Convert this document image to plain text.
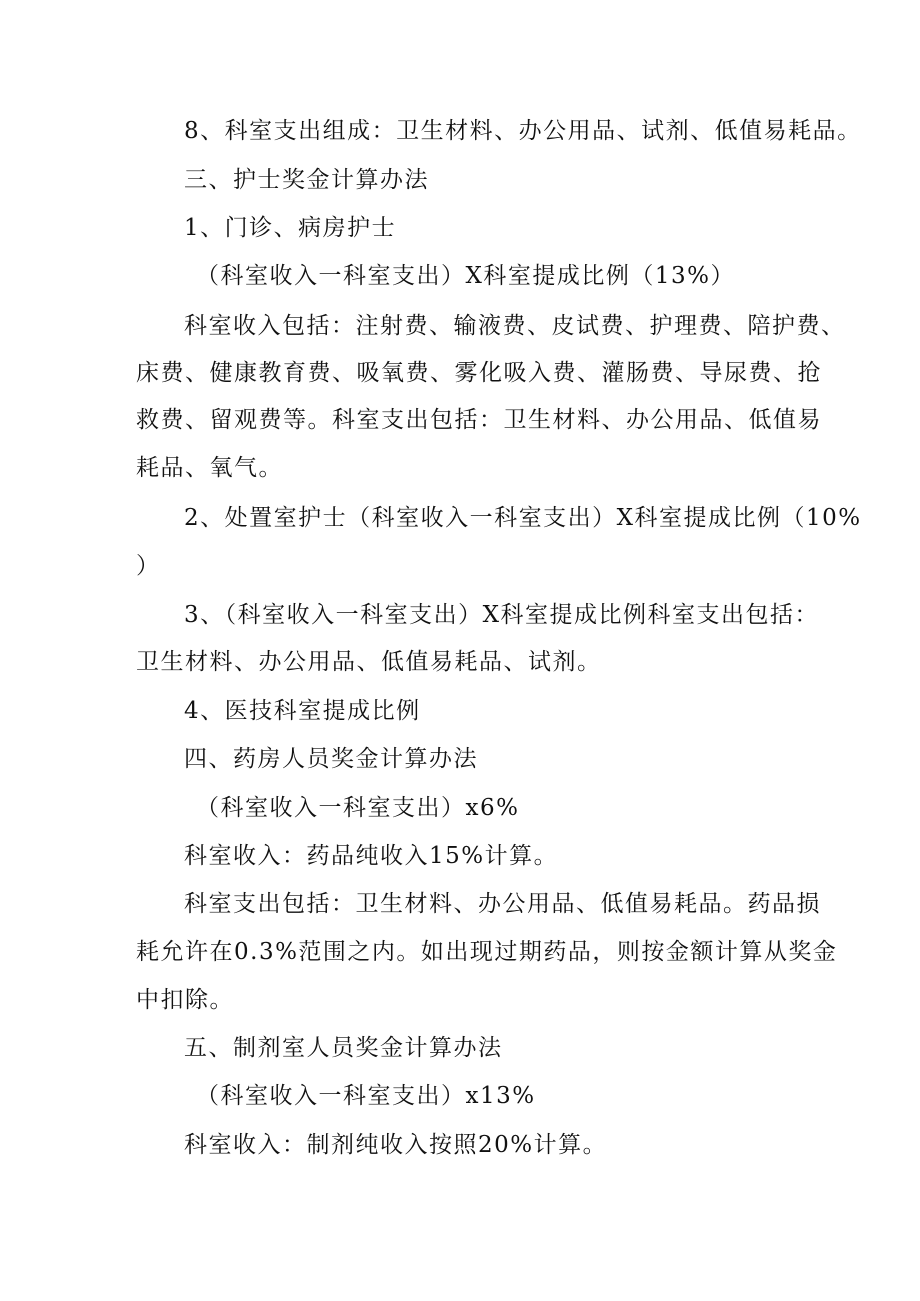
8、科室支出组成：卫生材料、办公用品、试剂、低值易耗品。

三、护士奖金计算办法

1、门诊、病房护士

（科室收入一科室支出）X科室提成比例（13%）

科室收入包括：注射费、输液费、皮试费、护理费、陪护费、

床费、健康教育费、吸氧费、雾化吸入费、灌肠费、导尿费、抢

救费、留观费等。科室支出包括：卫生材料、办公用品、低值易

耗品、氧气。

2、处置室护士（科室收入一科室支出）X科室提成比例（10%

）

3、（科室收入一科室支出）X科室提成比例科室支出包括：

卫生材料、办公用品、低值易耗品、试剂。

4、医技科室提成比例

四、药房人员奖金计算办法

（科室收入一科室支出）x6%

科室收入：药品纯收入15%计算。

科室支出包括：卫生材料、办公用品、低值易耗品。药品损

耗允许在0.3%范围之内。如出现过期药品，则按金额计算从奖金

中扣除。

五、制剂室人员奖金计算办法

（科室收入一科室支出）x13%

科室收入：制剂纯收入按照20%计算。
